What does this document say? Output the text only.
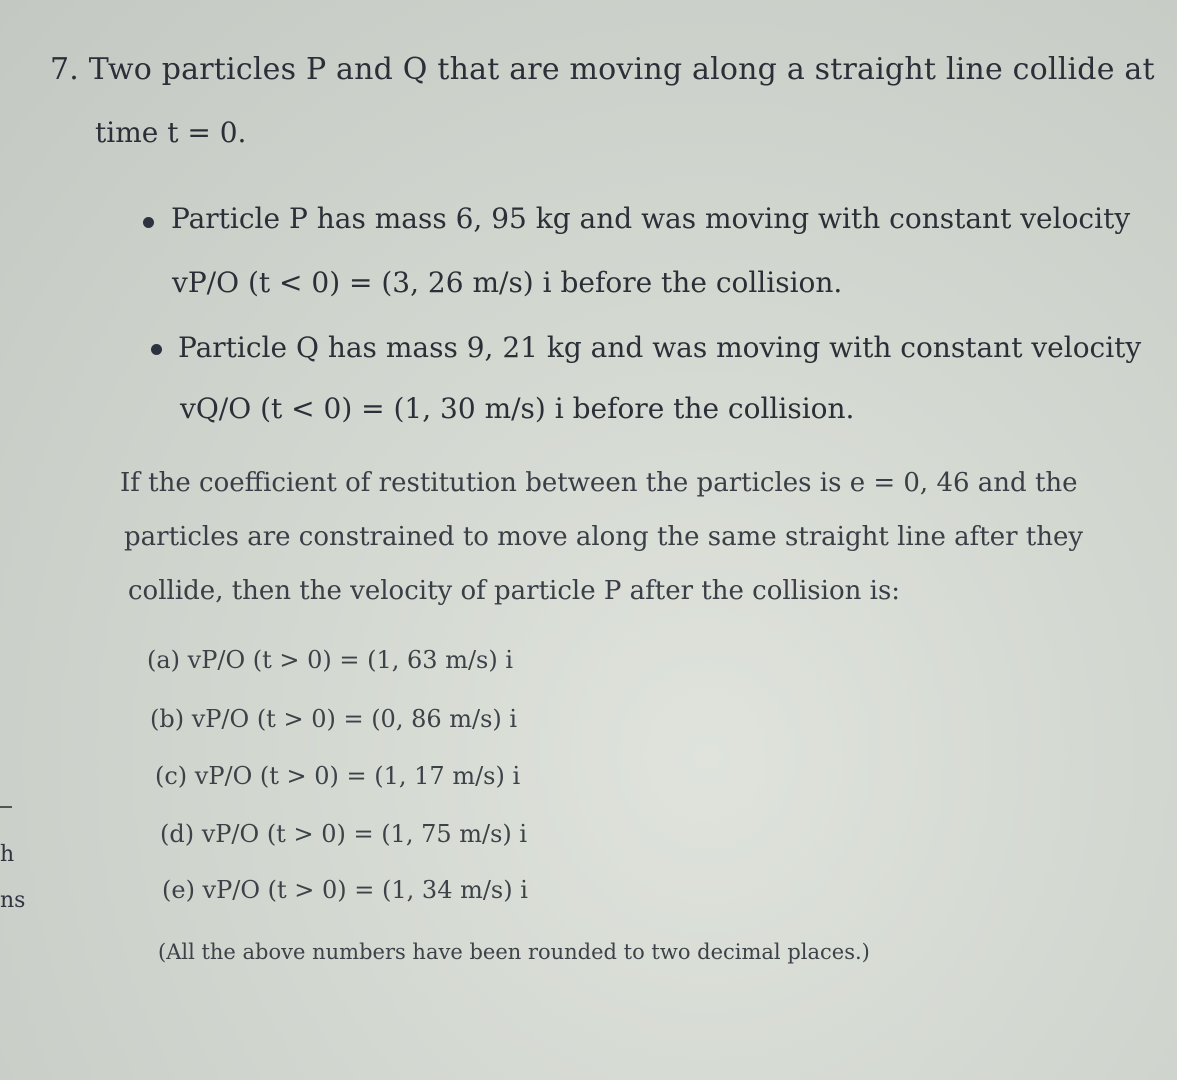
7. Two particles P and Q that are moving along a straight line collide at
time t = 0.
Particle P has mass 6, 95 kg and was moving with constant velocity
vP/O (t < 0) = (3, 26 m/s) i before the collision.
Particle Q has mass 9, 21 kg and was moving with constant velocity
vQ/O (t < 0) = (1, 30 m/s) i before the collision.
If the coefficient of restitution between the particles is e = 0, 46 and the
particles are constrained to move along the same straight line after they
collide, then the velocity of particle P after the collision is:
(a) vP/O (t > 0) = (1, 63 m/s) i
(b) vP/O (t > 0) = (0, 86 m/s) i
(c) vP/O (t > 0) = (1, 17 m/s) i
(d) vP/O (t > 0) = (1, 75 m/s) i
(e) vP/O (t > 0) = (1, 34 m/s) i
(All the above numbers have been rounded to two decimal places.)
h
ns
